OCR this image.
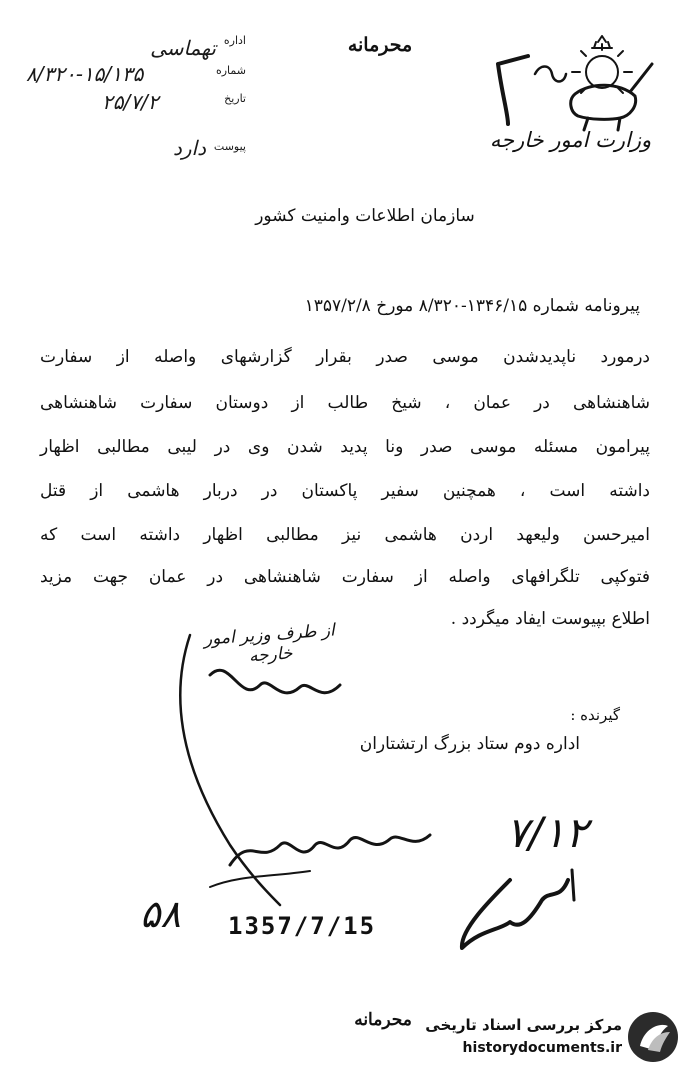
محرمانه
وزارت امور خارجه
اداره
تهماسی
شماره
۸/۳۲۰-۱۵/۱۳۵
تاریخ
۲۵/۷/۲
پیوست
دارد
سازمان اطلاعات وامنیت کشور
پیرونامه شماره ۱۳۴۶/۱۵-۸/۳۲۰ مورخ ۱۳۵۷/۲/۸
درمورد ناپدیدشدن موسی صدر بقرار گزارشهای واصله از سفارت
شاهنشاهی در عمان ، شیخ طالب از دوستان سفارت شاهنشاهی
پیرامون مسئله موسی صدر ونا پدید شدن وی در لیبی مطالبی اظهار
داشته است ، همچنین سفیر پاکستان در دربار هاشمی از قتل
امیرحسن ولیعهد اردن هاشمی نیز مطالبی اظهار داشته است که
فتوکپی تلگرافهای واصله از سفارت شاهنشاهی در عمان جهت مزید
اطلاع بپیوست ایفاد میگردد .
از طرف وزیر امور خارجه
گیرنده :
اداره دوم ستاد بزرگ ارتشتاران
۷/۱۲
۵۸	1357/7/15
محرمانه مرکز بررسی اسناد تاریخی
historydocuments.ir
